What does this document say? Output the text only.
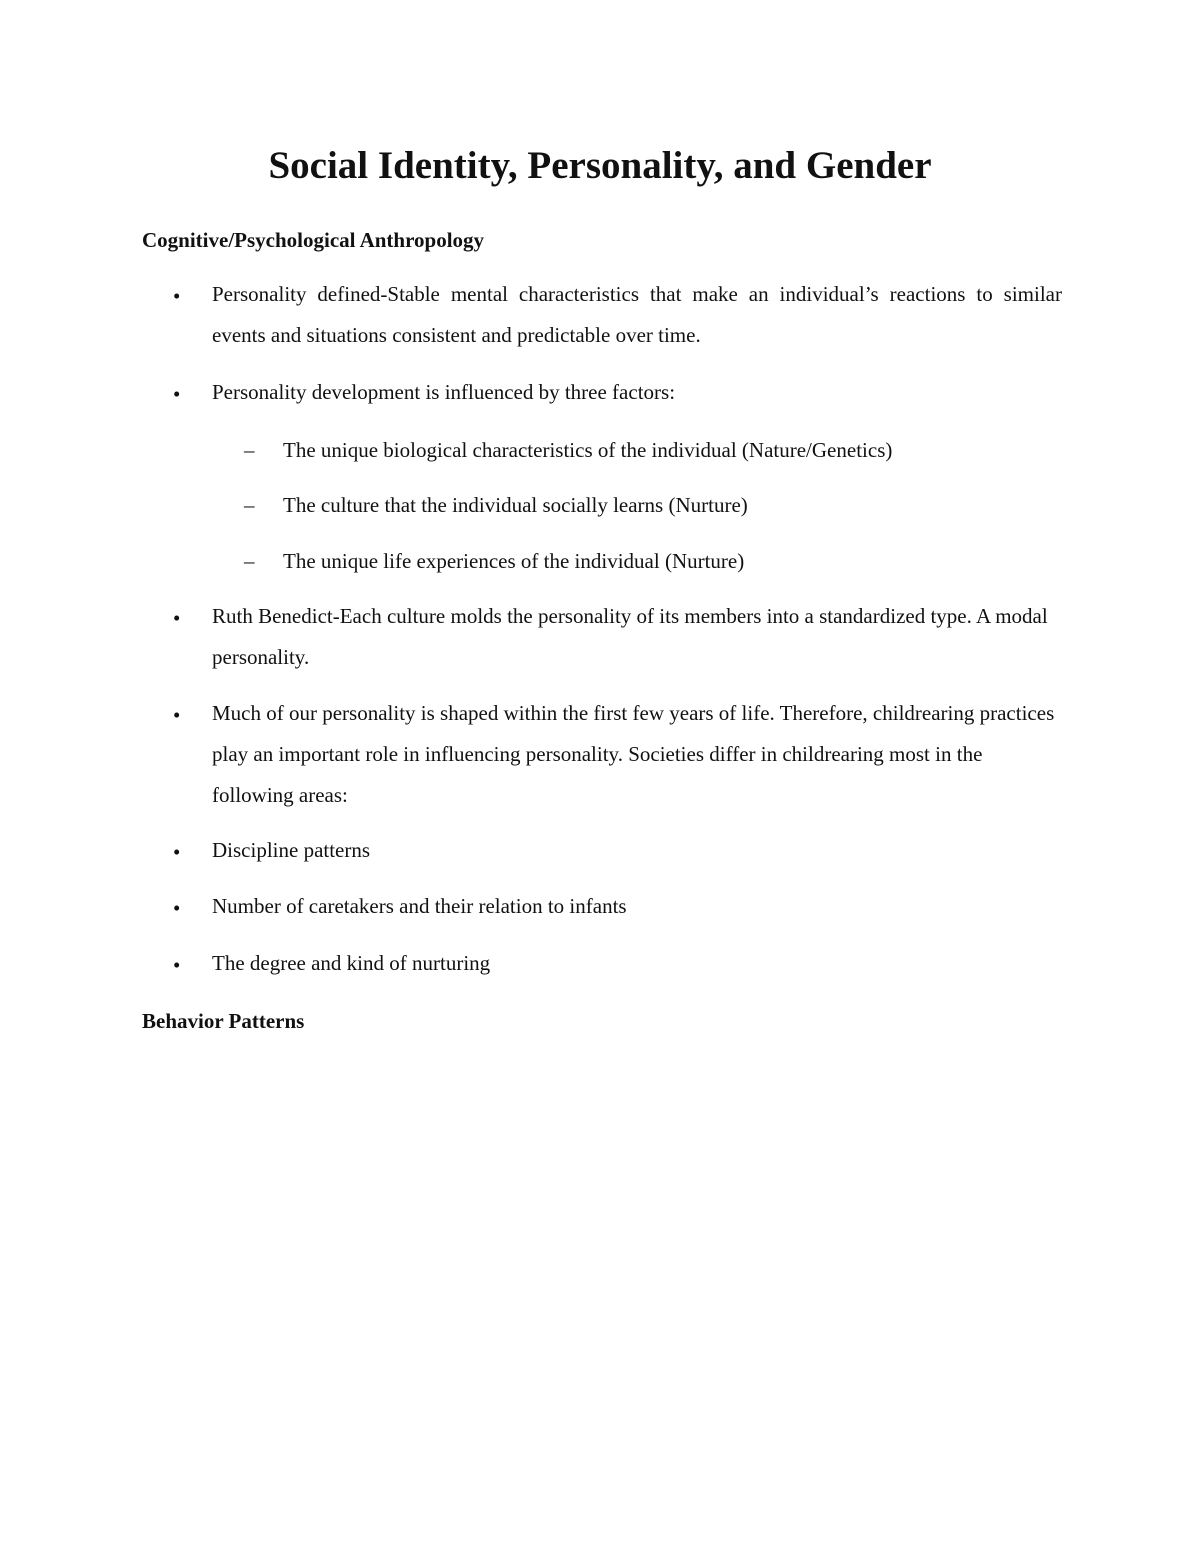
Social Identity, Personality, and Gender
Cognitive/Psychological Anthropology
• Personality defined-Stable mental characteristics that make an individual’s reactions to similar events and situations consistent and predictable over time.

• Personality development is influenced by three factors:

– The unique biological characteristics of the individual (Nature/Genetics)

– The culture that the individual socially learns (Nurture)

– The unique life experiences of the individual (Nurture)

• Ruth Benedict-Each culture molds the personality of its members into a standardized type. A modal personality.

• Much of our personality is shaped within the first few years of life. Therefore, childrearing practices play an important role in influencing personality. Societies differ in childrearing most in the following areas:

• Discipline patterns

• Number of caretakers and their relation to infants

• The degree and kind of nurturing

Behavior Patterns
